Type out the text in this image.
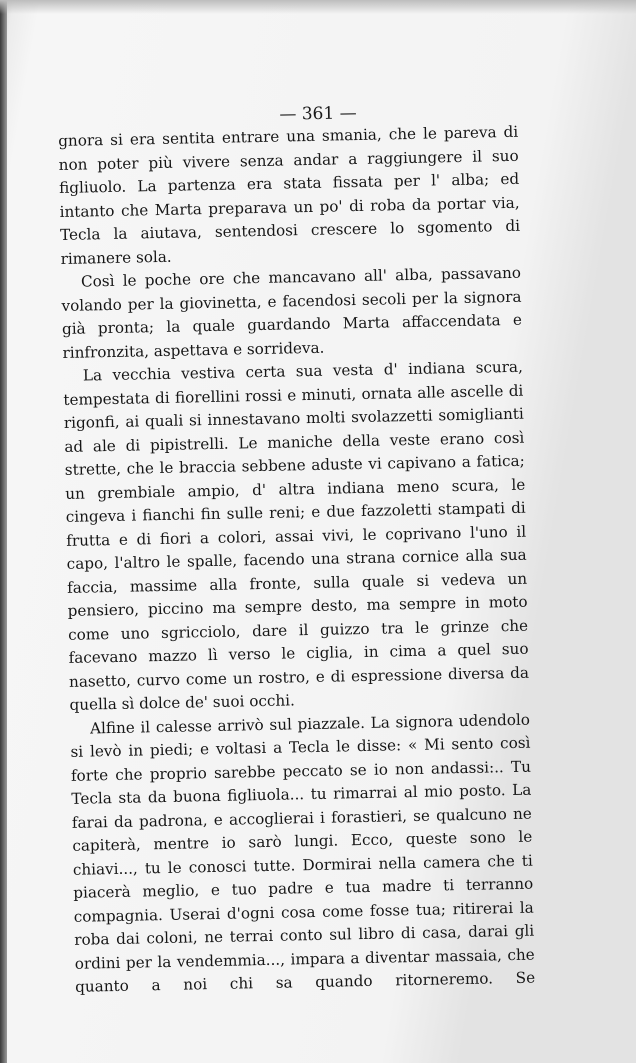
— 361 —

gnora si era sentita entrare una smania, che le pareva di non poter più vivere senza andar a raggiungere il suo figliuolo. La partenza era stata fissata per l' alba; ed intanto che Marta preparava un po' di roba da portar via, Tecla la aiutava, sentendosi crescere lo sgomento di rimanere sola.

Così le poche ore che mancavano all' alba, passavano volando per la giovinetta, e facendosi secoli per la signora già pronta; la quale guardando Marta affaccendata e rinfronzita, aspettava e sorrideva.

La vecchia vestiva certa sua vesta d' indiana scura, tempestata di fiorellini rossi e minuti, ornata alle ascelle di rigonfi, ai quali si innestavano molti svolazzetti somiglianti ad ale di pipistrelli. Le maniche della veste erano così strette, che le braccia sebbene aduste vi capivano a fatica; un grembiale ampio, d' altra indiana meno scura, le cingeva i fianchi fin sulle reni; e due fazzoletti stampati di frutta e di fiori a colori, assai vivi, le coprivano l'uno il capo, l'altro le spalle, facendo una strana cornice alla sua faccia, massime alla fronte, sulla quale si vedeva un pensiero, piccino ma sempre desto, ma sempre in moto come uno sgricciolo, dare il guizzo tra le grinze che facevano mazzo lì verso le ciglia, in cima a quel suo nasetto, curvo come un rostro, e di espressione diversa da quella sì dolce de' suoi occhi.

Alfine il calesse arrivò sul piazzale. La signora udendolo si levò in piedi; e voltasi a Tecla le disse: « Mi sento così forte che proprio sarebbe peccato se io non andassi:.. Tu Tecla sta da buona figliuola... tu rimarrai al mio posto. La farai da padrona, e accoglierai i forastieri, se qualcuno ne capiterà, mentre io sarò lungi. Ecco, queste sono le chiavi..., tu le conosci tutte. Dormirai nella camera che ti piacerà meglio, e tuo padre e tua madre ti terranno compagnia. Userai d'ogni cosa come fosse tua; ritirerai la roba dai coloni, ne terrai conto sul libro di casa, darai gli ordini per la vendemmia..., impara a diventar massaia, che quanto a noi chi sa quando ritorneremo. Se
